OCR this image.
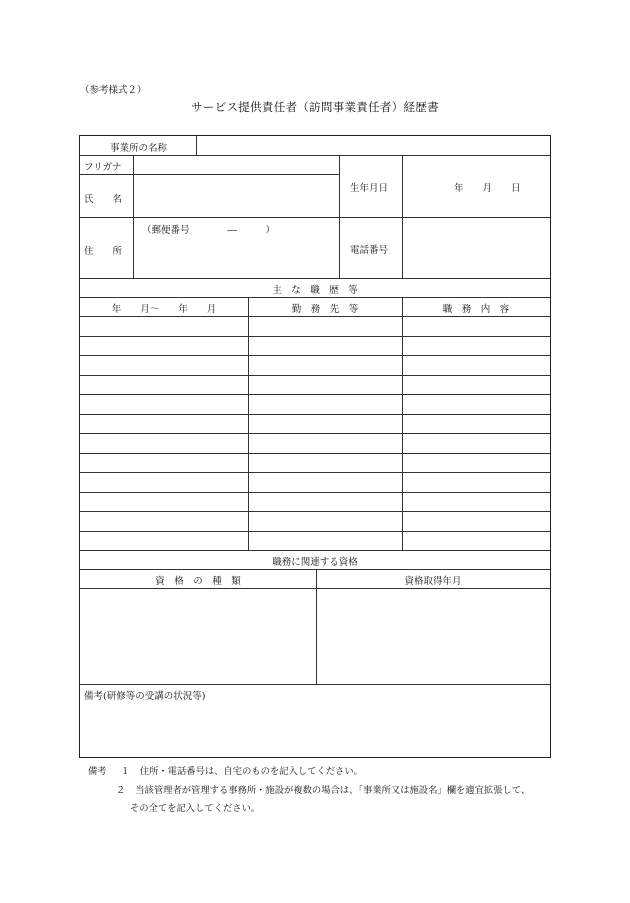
（参考様式２）
サービス提供責任者（訪問事業責任者）経歴書
事業所の名称
フリガナ
氏　　名
生年月日	年　　月　　日
（郵便番号　　　　―　　　）
住　　所	電話番号
主　な　職　歴　等
年　　月～　　年　　月	勤　務　先　等	職　務　内　容
職務に関連する資格
資　格　の　種　類	資格取得年月
備考(研修等の受講の状況等)
備考 １ 住所・電話番号は、自宅のものを記入してください。
２ 当該管理者が管理する事務所・施設が複数の場合は、「事業所又は施設名」欄を適宜拡張して、
その全てを記入してください。
